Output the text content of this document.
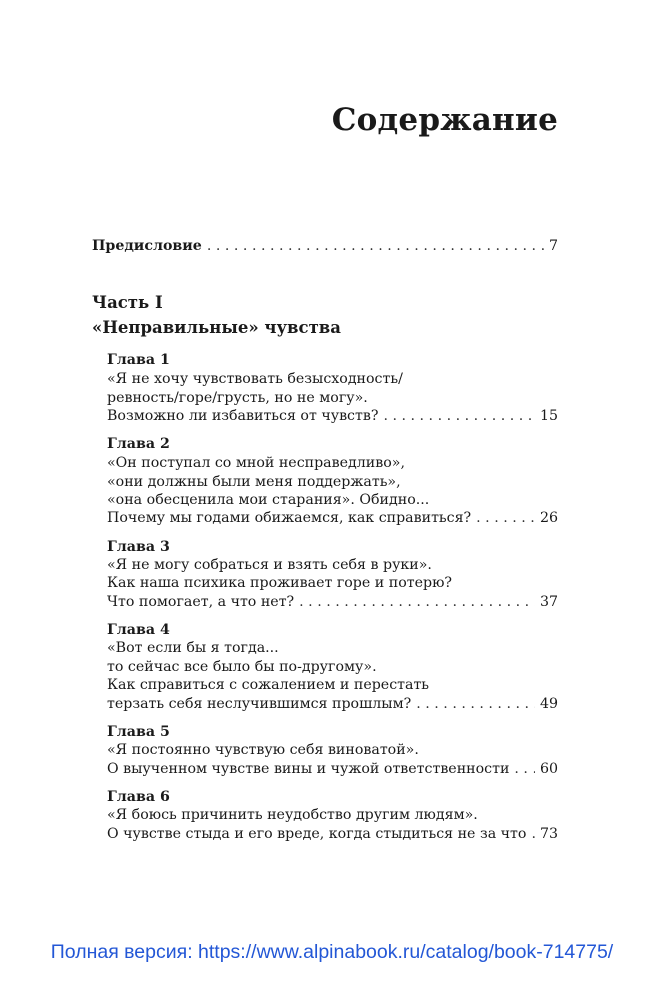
Содержание
Предисловие . . .	7
Часть I
«Неправильные» чувства
Глава 1
«Я не хочу чувствовать безысходность/
ревность/горе/грусть, но не могу».
Возможно ли избавиться от чувств? . . .	15
Глава 2
«Он поступал со мной несправедливо»,
«они должны были меня поддержать»,
«она обесценила мои старания». Обидно...
Почему мы годами обижаемся, как справиться? . . .	26
Глава 3
«Я не могу собраться и взять себя в руки».
Как наша психика проживает горе и потерю?
Что помогает, а что нет? . . .	37
Глава 4
«Вот если бы я тогда...
то сейчас все было бы по-другому».
Как справиться с сожалением и перестать
терзать себя неслучившимся прошлым? . . .	49
Глава 5
«Я постоянно чувствую себя виноватой».
О выученном чувстве вины и чужой ответственности . . . 60
Глава 6
«Я боюсь причинить неудобство другим людям».
О чувстве стыда и его вреде, когда стыдиться не за что . . . 73
Полная версия: https://www.alpinabook.ru/catalog/book-714775/
